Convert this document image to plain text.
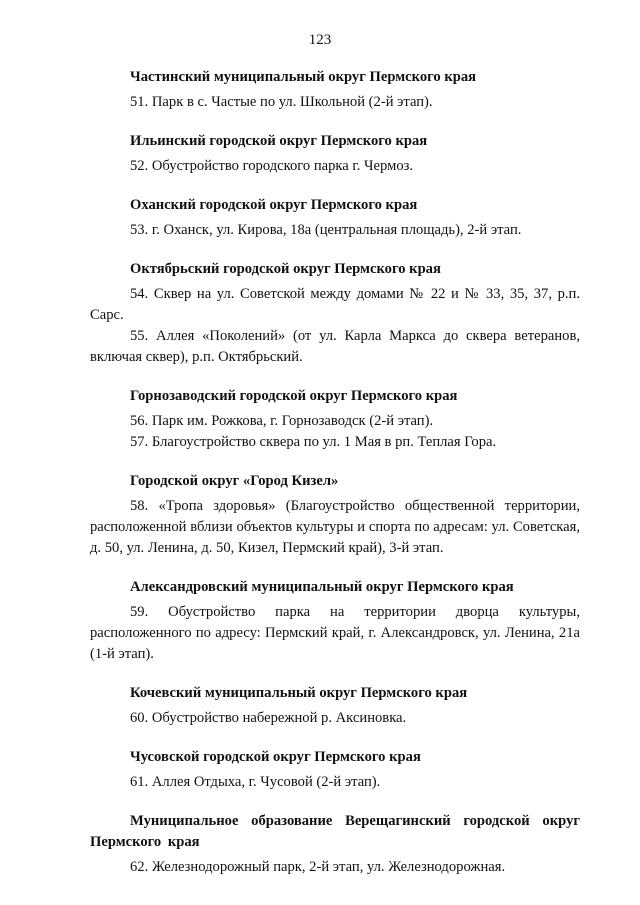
123

Частинский муниципальный округ Пермского края

51. Парк в с. Частые по ул. Школьной (2-й этап).

Ильинский городской округ Пермского края

52. Обустройство городского парка г. Чермоз.

Оханский городской округ Пермского края

53. г. Оханск, ул. Кирова, 18а (центральная площадь), 2-й этап.

Октябрьский городской округ Пермского края

54. Сквер на ул. Советской между домами № 22 и № 33, 35, 37, р.п. Сарс.

55. Аллея «Поколений» (от ул. Карла Маркса до сквера ветеранов, включая сквер), р.п. Октябрьский.

Горнозаводский городской округ Пермского края

56. Парк им. Рожкова, г. Горнозаводск (2-й этап).

57. Благоустройство сквера по ул. 1 Мая в рп. Теплая Гора.

Городской округ «Город Кизел»

58. «Тропа здоровья» (Благоустройство общественной территории, расположенной вблизи объектов культуры и спорта по адресам: ул. Советская, д. 50, ул. Ленина, д. 50, Кизел, Пермский край), 3-й этап.

Александровский муниципальный округ Пермского края

59. Обустройство парка на территории дворца культуры, расположенного по адресу: Пермский край, г. Александровск, ул. Ленина, 21а (1-й этап).

Кочевский муниципальный округ Пермского края

60. Обустройство набережной р. Аксиновка.

Чусовской городской округ Пермского края

61. Аллея Отдыха, г. Чусовой (2-й этап).

Муниципальное образование Верещагинский городской округ Пермского края

62. Железнодорожный парк, 2-й этап, ул. Железнодорожная.
